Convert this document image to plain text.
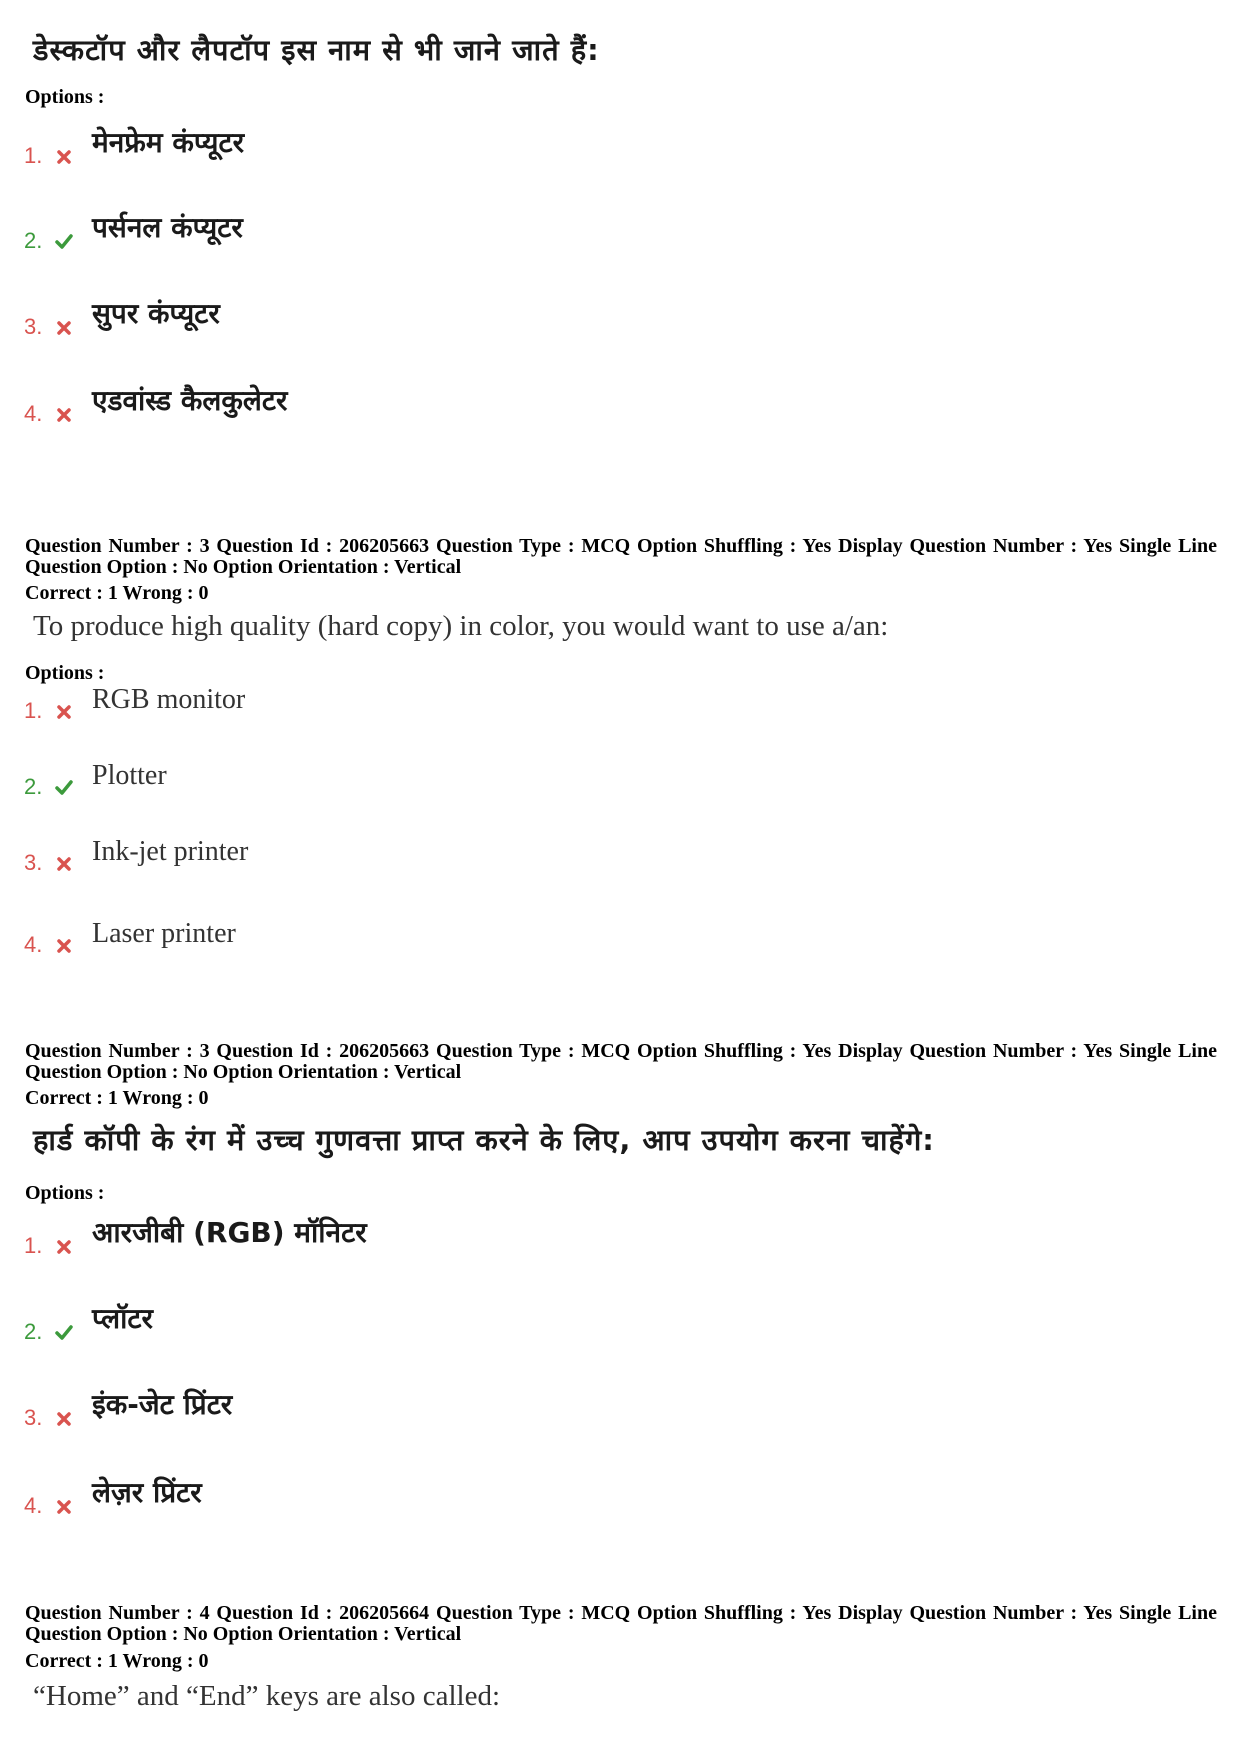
डेस्कटॉप और लैपटॉप इस नाम से भी जाने जाते हैं:
Options :
1. मेनफ्रेम कंप्यूटर
2. पर्सनल कंप्यूटर
3. सुपर कंप्यूटर
4. एडवांस्ड कैलकुलेटर
Question Number : 3 Question Id : 206205663 Question Type : MCQ Option Shuffling : Yes Display Question Number : Yes Single Line Question Option : No Option Orientation : Vertical
Correct : 1 Wrong : 0
To produce high quality (hard copy) in color, you would want to use a/an:
Options :
1. RGB monitor
2. Plotter
3. Ink-jet printer
4. Laser printer
Question Number : 3 Question Id : 206205663 Question Type : MCQ Option Shuffling : Yes Display Question Number : Yes Single Line Question Option : No Option Orientation : Vertical
Correct : 1 Wrong : 0
हार्ड कॉपी के रंग में उच्च गुणवत्ता प्राप्त करने के लिए, आप उपयोग करना चाहेंगे:
Options :
1. आरजीबी (RGB) मॉनिटर
2. प्लॉटर
3. इंक-जेट प्रिंटर
4. लेज़र प्रिंटर
Question Number : 4 Question Id : 206205664 Question Type : MCQ Option Shuffling : Yes Display Question Number : Yes Single Line Question Option : No Option Orientation : Vertical
Correct : 1 Wrong : 0
“Home” and “End” keys are also called:
